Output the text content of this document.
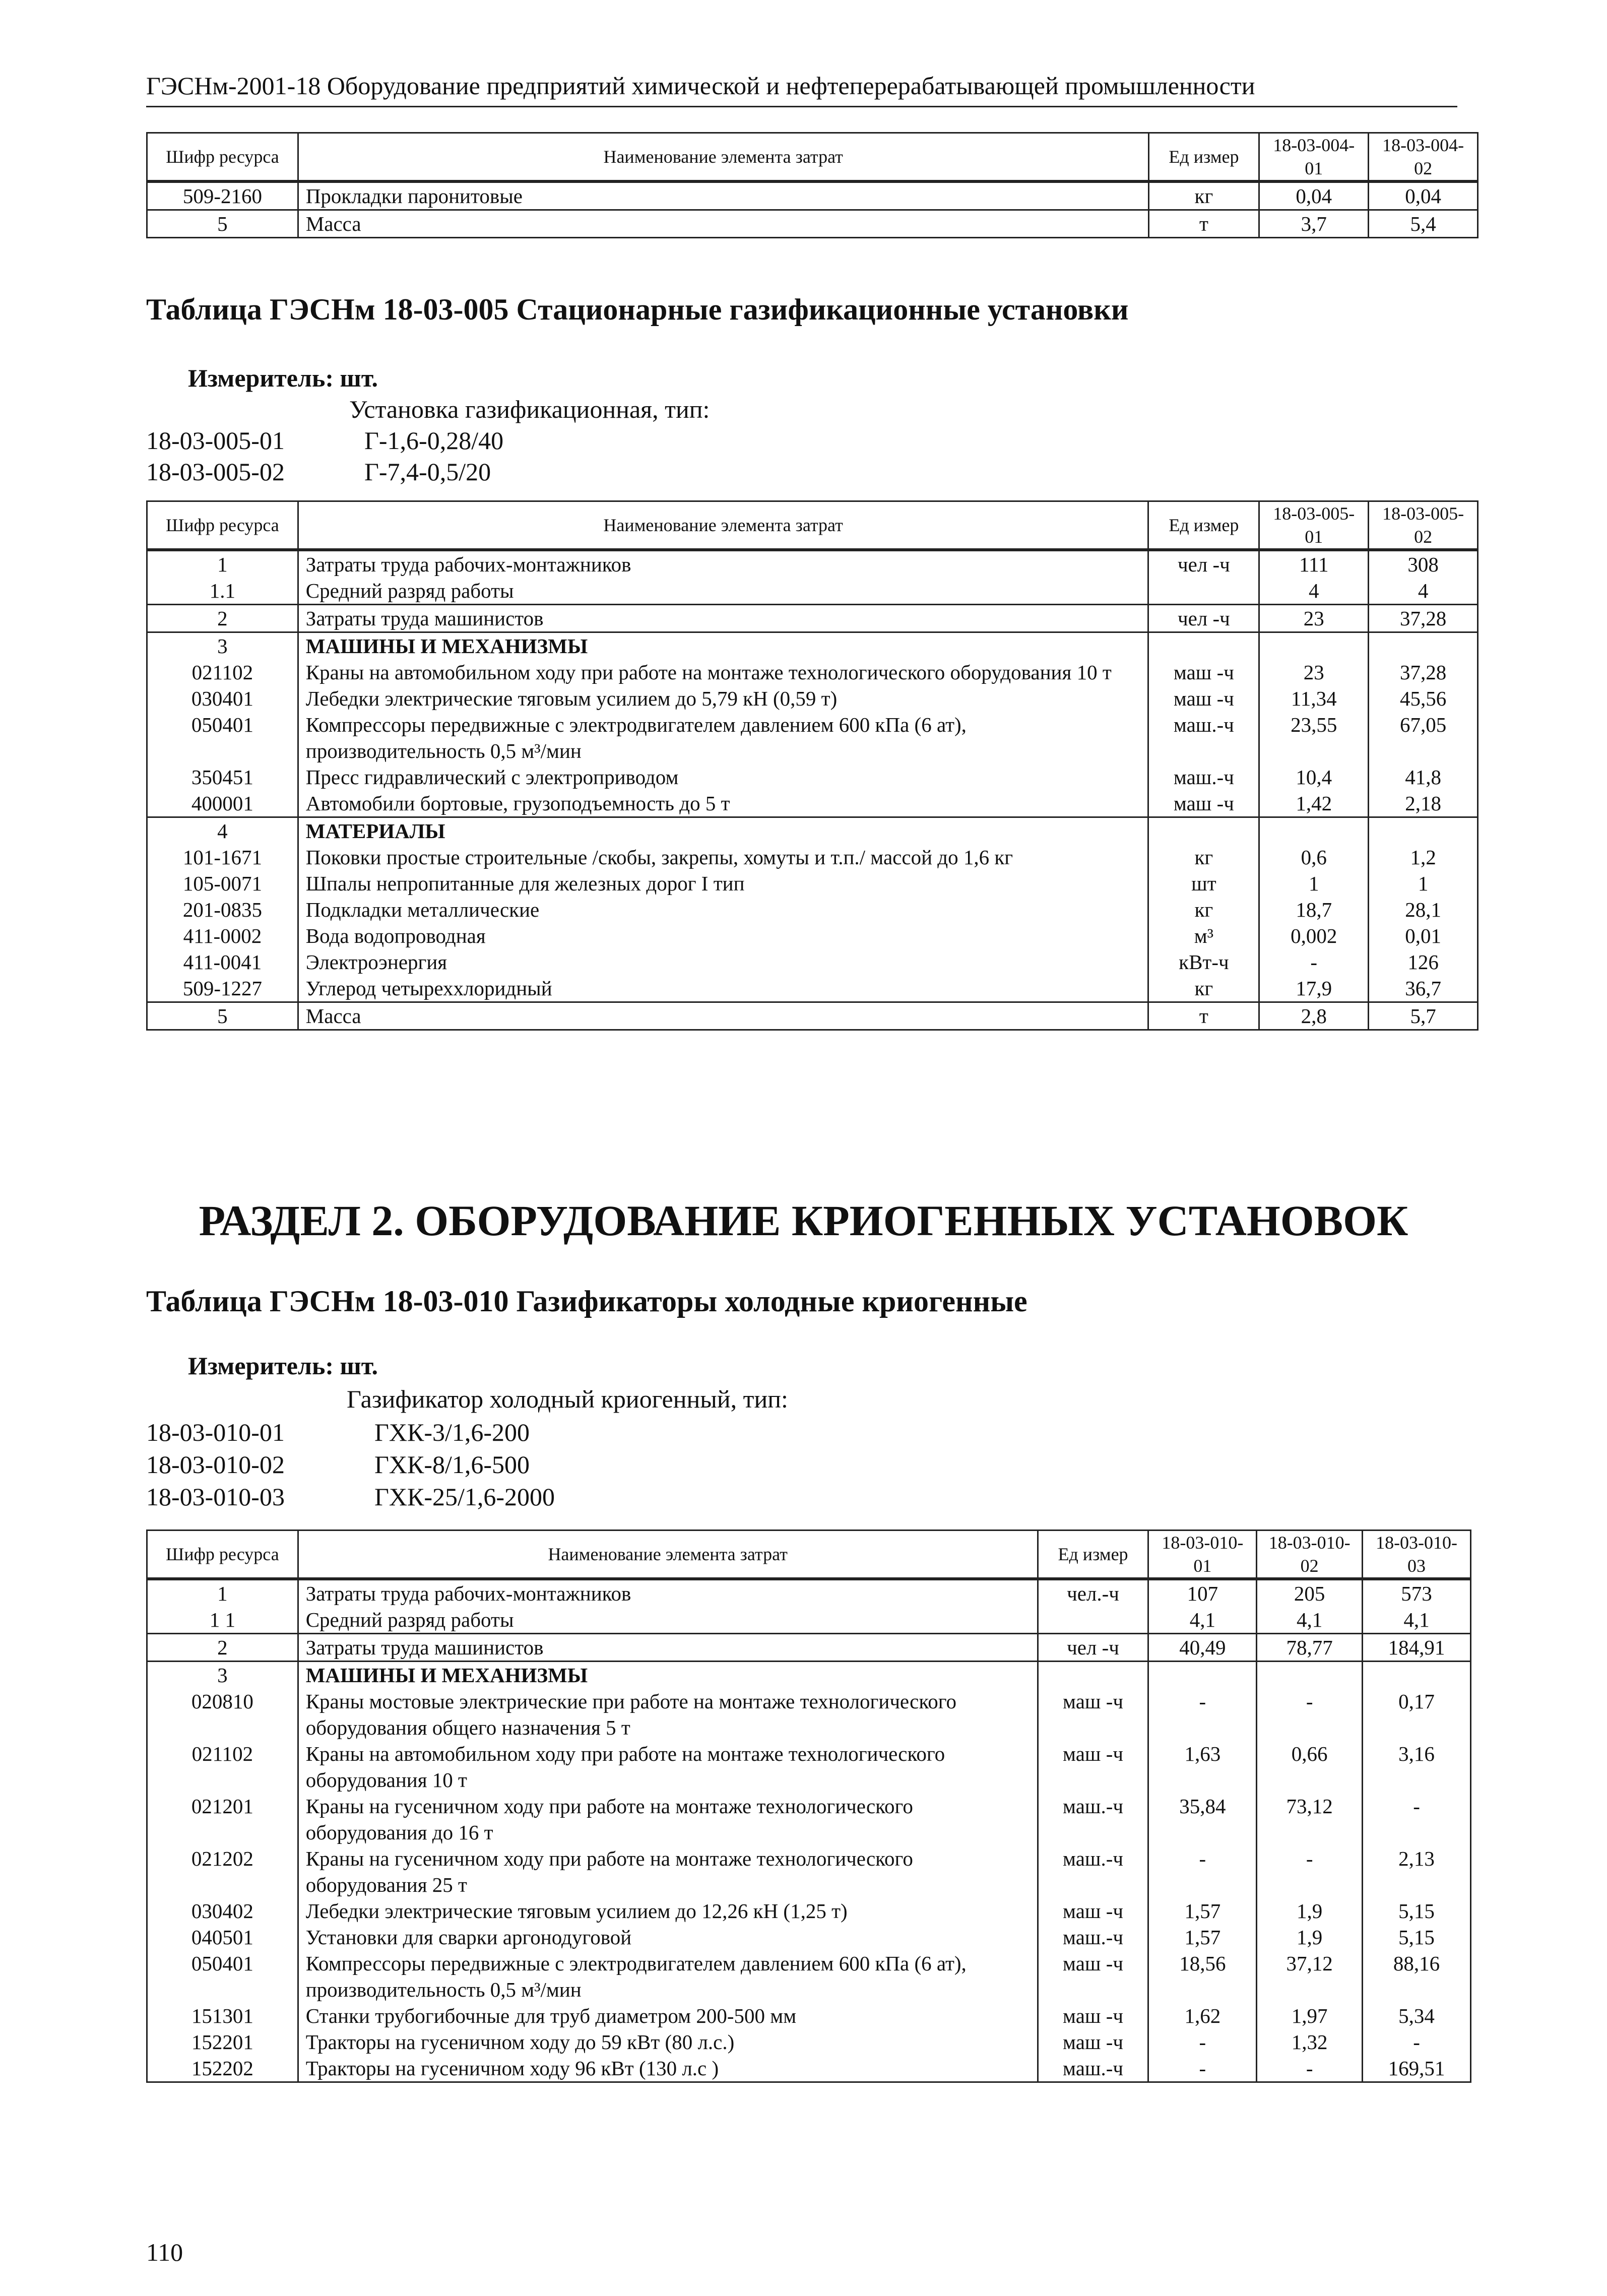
ГЭСНм-2001-18 Оборудование предприятий химической и нефтеперерабатывающей промышленности
Шифр ресурса	Наименование элемента затрат	Ед измер	18-03-004-01	18-03-004-02
509-2160	Прокладки паронитовые	кг	0,04	0,04
5	Масса	т	3,7	5,4
Таблица ГЭСНм 18-03-005 Стационарные газификационные установки
Измеритель: шт.
Установка газификационная, тип:
18-03-005-01	Г-1,6-0,28/40
18-03-005-02	Г-7,4-0,5/20
Шифр ресурса	Наименование элемента затрат	Ед измер	18-03-005-01	18-03-005-02
1	Затраты труда рабочих-монтажников	чел -ч	111	308
1.1	Средний разряд работы		4	4
2	Затраты труда машинистов	чел -ч	23	37,28
3	МАШИНЫ И МЕХАНИЗМЫ			
021102	Краны на автомобильном ходу при работе на монтаже технологического оборудования 10 т	маш -ч	23	37,28
030401	Лебедки электрические тяговым усилием до 5,79 кН (0,59 т)	маш -ч	11,34	45,56
050401	Компрессоры передвижные с электродвигателем давлением 600 кПа (6 ат), производительность 0,5 м³/мин	маш.-ч	23,55	67,05
350451	Пресс гидравлический с электроприводом	маш.-ч	10,4	41,8
400001	Автомобили бортовые, грузоподъемность до 5 т	маш -ч	1,42	2,18
4	МАТЕРИАЛЫ			
101-1671	Поковки простые строительные /скобы, закрепы, хомуты и т.п./ массой до 1,6 кг	кг	0,6	1,2
105-0071	Шпалы непропитанные для железных дорог I тип	шт	1	1
201-0835	Подкладки металлические	кг	18,7	28,1
411-0002	Вода водопроводная	м³	0,002	0,01
411-0041	Электроэнергия	кВт-ч	-	126
509-1227	Углерод четыреххлоридный	кг	17,9	36,7
5	Масса	т	2,8	5,7
РАЗДЕЛ 2. ОБОРУДОВАНИЕ КРИОГЕННЫХ УСТАНОВОК
Таблица ГЭСНм 18-03-010 Газификаторы холодные криогенные
Измеритель: шт.
Газификатор холодный криогенный, тип:
18-03-010-01	ГХК-3/1,6-200
18-03-010-02	ГХК-8/1,6-500
18-03-010-03	ГХК-25/1,6-2000
Шифр ресурса	Наименование элемента затрат	Ед измер	18-03-010-01	18-03-010-02	18-03-010-03
1	Затраты труда рабочих-монтажников	чел.-ч	107	205	573
1 1	Средний разряд работы		4,1	4,1	4,1
2	Затраты труда машинистов	чел -ч	40,49	78,77	184,91
3	МАШИНЫ И МЕХАНИЗМЫ				
020810	Краны мостовые электрические при работе на монтаже технологического оборудования общего назначения 5 т	маш -ч	-	-	0,17
021102	Краны на автомобильном ходу при работе на монтаже технологического оборудования 10 т	маш -ч	1,63	0,66	3,16
021201	Краны на гусеничном ходу при работе на монтаже технологического оборудования до 16 т	маш.-ч	35,84	73,12	-
021202	Краны на гусеничном ходу при работе на монтаже технологического оборудования 25 т	маш.-ч	-	-	2,13
030402	Лебедки электрические тяговым усилием до 12,26 кН (1,25 т)	маш -ч	1,57	1,9	5,15
040501	Установки для сварки аргонодуговой	маш.-ч	1,57	1,9	5,15
050401	Компрессоры передвижные с электродвигателем давлением 600 кПа (6 ат), производительность 0,5 м³/мин	маш -ч	18,56	37,12	88,16
151301	Станки трубогибочные для труб диаметром 200-500 мм	маш -ч	1,62	1,97	5,34
152201	Тракторы на гусеничном ходу до 59 кВт (80 л.с.)	маш -ч	-	1,32	-
152202	Тракторы на гусеничном ходу 96 кВт (130 л.с )	маш.-ч	-	-	169,51
110
